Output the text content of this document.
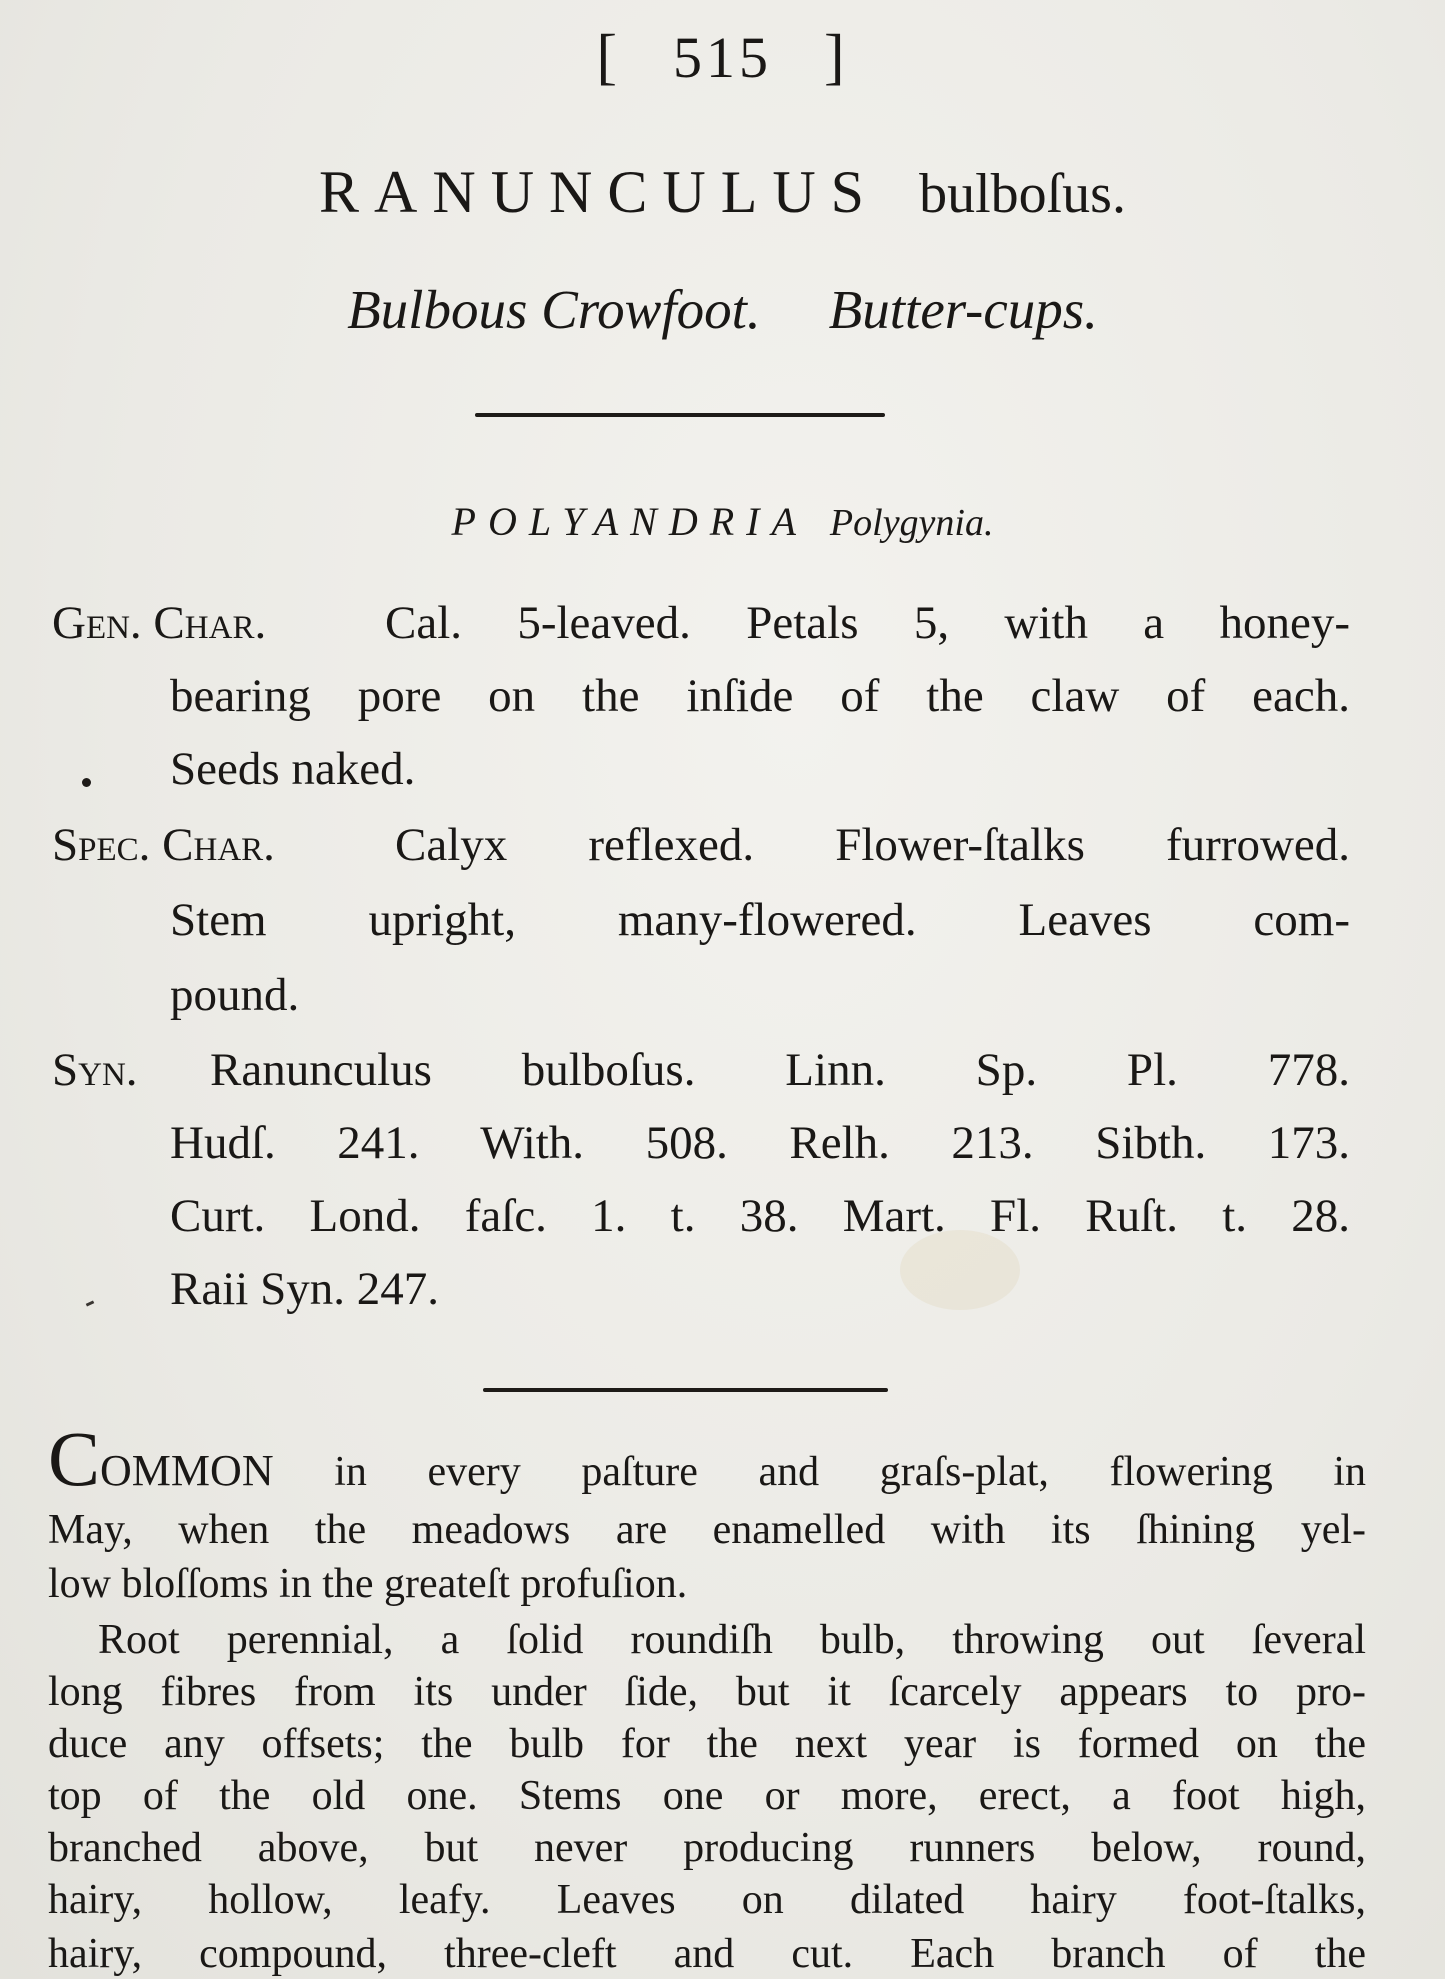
[ 515 ]
RANUNCULUS bulboſus.
Bulbous Crowfoot. Butter-cups.
POLYANDRIA Polygynia.
Gen. Char.	Cal. 5-leaved. Petals 5, with a honey-
bearing pore on the inſide of the claw of each.
Seeds naked.
Spec. Char.	Calyx reflexed. Flower-ſtalks furrowed.
Stem upright, many-flowered. Leaves com-
pound.
Syn. Ranunculus bulboſus. Linn. Sp. Pl. 778.
Hudſ. 241. With. 508. Relh. 213. Sibth. 173.
Curt. Lond. faſc. 1. t. 38. Mart. Fl. Ruſt. t. 28.
Raii Syn. 247.
COMMON in every paſture and graſs-plat, flowering in
May, when the meadows are enamelled with its ſhining yel-
low bloſſoms in the greateſt profuſion.
Root perennial, a ſolid roundiſh bulb, throwing out ſeveral
long fibres from its under ſide, but it ſcarcely appears to pro-
duce any offsets; the bulb for the next year is formed on the
top of the old one. Stems one or more, erect, a foot high,
branched above, but never producing runners below, round,
hairy, hollow, leafy. Leaves on dilated hairy foot-ſtalks,
hairy, compound, three-cleft and cut. Each branch of the
